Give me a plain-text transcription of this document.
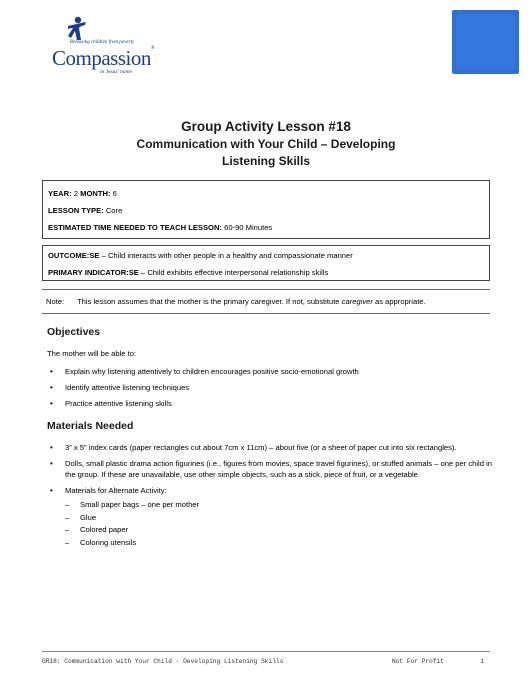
Releasing children from poverty
Compassion®
in Jesus' name
Group Activity Lesson #18
Communication with Your Child – Developing
Listening Skills
YEAR: 2 MONTH: 6
LESSON TYPE: Core
ESTIMATED TIME NEEDED TO TEACH LESSON: 60-90 Minutes
OUTCOME:SE – Child interacts with other people in a healthy and compassionate manner
PRIMARY INDICATOR:SE – Child exhibits effective interpersonal relationship skills
Note: This lesson assumes that the mother is the primary caregiver. If not, substitute caregiver as appropriate.
Objectives
The mother will be able to:
• Explain why listening attentively to children encourages positive socio-emotional growth
• Identify attentive listening techniques
• Practice attentive listening skills
Materials Needed
• 3” x 5” index cards (paper rectangles cut about 7cm x 11cm) – about five (or a sheet of paper cut into six rectangles).
• Dolls, small plastic drama action figurines (i.e., figures from movies, space travel figurines), or stuffed animals – one per child in the group. If these are unavailable, use other simple objects, such as a stick, piece of fruit, or a vegetable.
• Materials for Alternate Activity:
– Small paper bags – one per mother
– Glue
– Colored paper
– Coloring utensils
GR18: Communication with Your Child - Developing Listening Skills	Not For Profit	1
